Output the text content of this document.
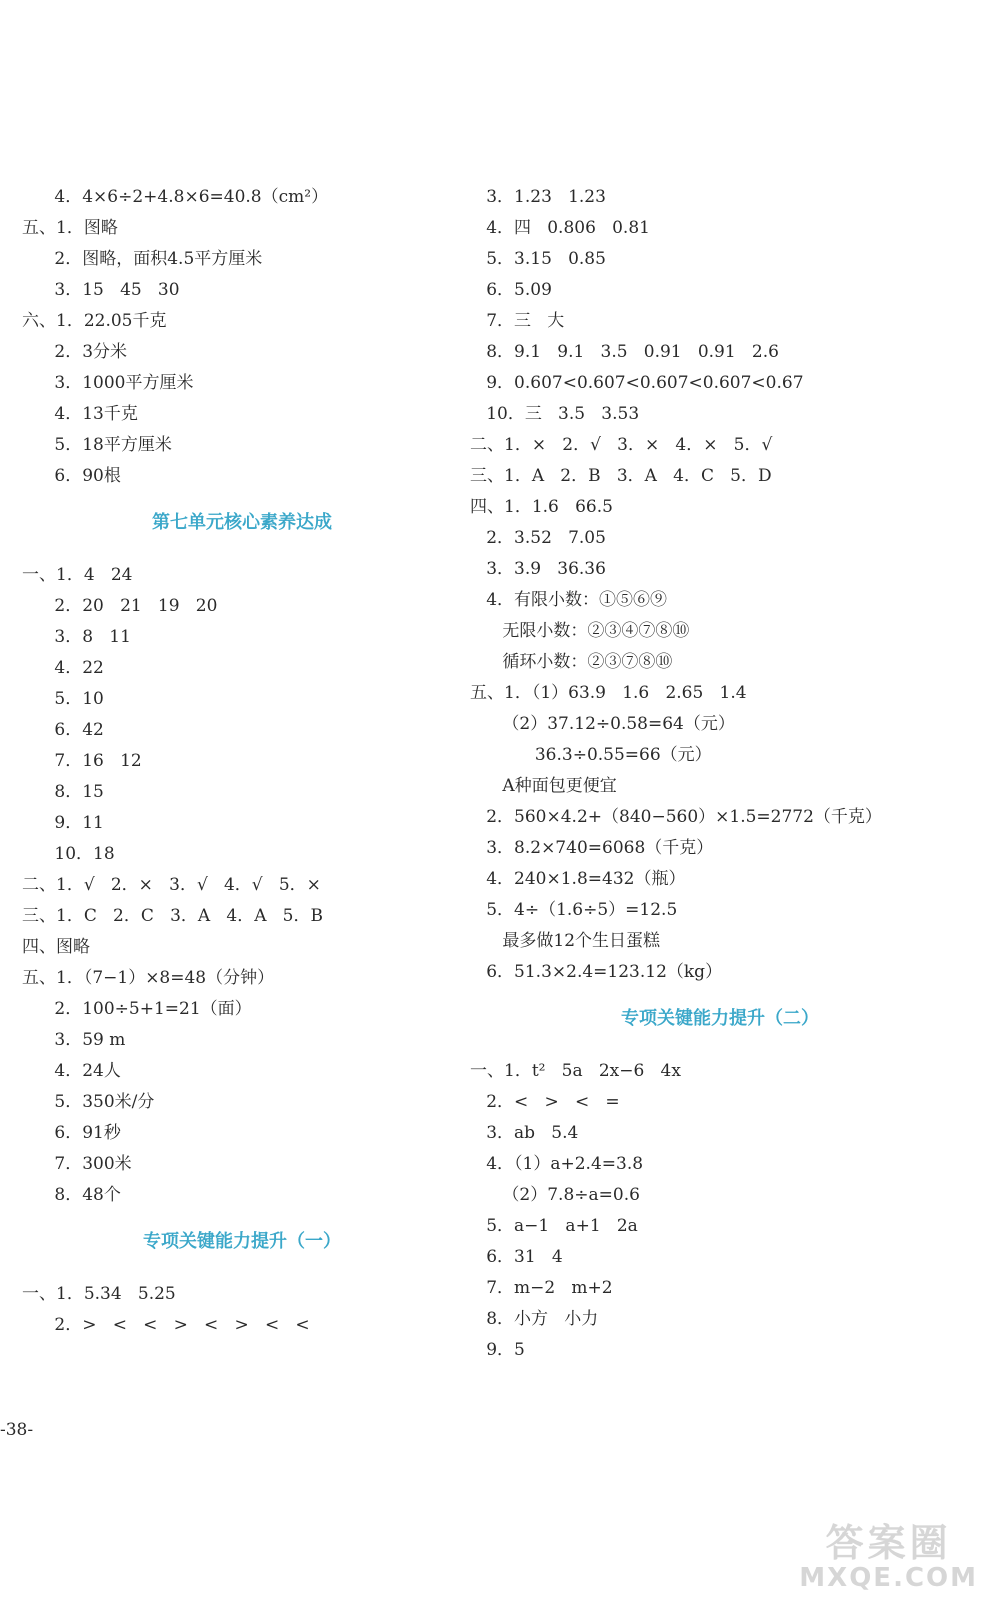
4．4×6÷2+4.8×6=40.8（cm²）
五、1．图略
2．图略，面积4.5平方厘米
3．15   45   30
六、1．22.05千克
2．3分米
3．1000平方厘米
4．13千克
5．18平方厘米
6．90根
第七单元核心素养达成
一、1．4   24
2．20   21   19   20
3．8   11
4．22
5．10
6．42
7．16   12
8．15
9．11
10．18
二、1．√   2．×   3．√   4．√   5．×
三、1．C   2．C   3．A   4．A   5．B
四、图略
五、1．（7−1）×8=48（分钟）
2．100÷5+1=21（面）
3．59 m
4．24人
5．350米/分
6．91秒
7．300米
8．48个
专项关键能力提升（一）
一、1．5.34   5.25
2．>   <   <   >   <   >   <   <
3．1.23   1.23
4．四   0.806   0.81
5．3.15   0.85
6．5.09
7．三   大
8．9.1   9.1   3.5   0.91   0.91   2.6
9．0.607<0.607<0.607<0.607<0.67
10．三   3.5   3.53
二、1．×   2．√   3．×   4．×   5．√
三、1．A   2．B   3．A   4．C   5．D
四、1．1.6   66.5
2．3.52   7.05
3．3.9   36.36
4．有限小数：①⑤⑥⑨
无限小数：②③④⑦⑧⑩
循环小数：②③⑦⑧⑩
五、1．（1）63.9   1.6   2.65   1.4
（2）37.12÷0.58=64（元）
36.3÷0.55=66（元）
A种面包更便宜
2．560×4.2+（840−560）×1.5=2772（千克）
3．8.2×740=6068（千克）
4．240×1.8=432（瓶）
5．4÷（1.6÷5）=12.5
最多做12个生日蛋糕
6．51.3×2.4=123.12（kg）
专项关键能力提升（二）
一、1．t²   5a   2x−6   4x
2．<   >   <   =
3．ab   5.4
4．（1）a+2.4=3.8
（2）7.8÷a=0.6
5．a−1   a+1   2a
6．31   4
7．m−2   m+2
8．小方   小力
9．5
-38-
答案圈
MXQE.COM
